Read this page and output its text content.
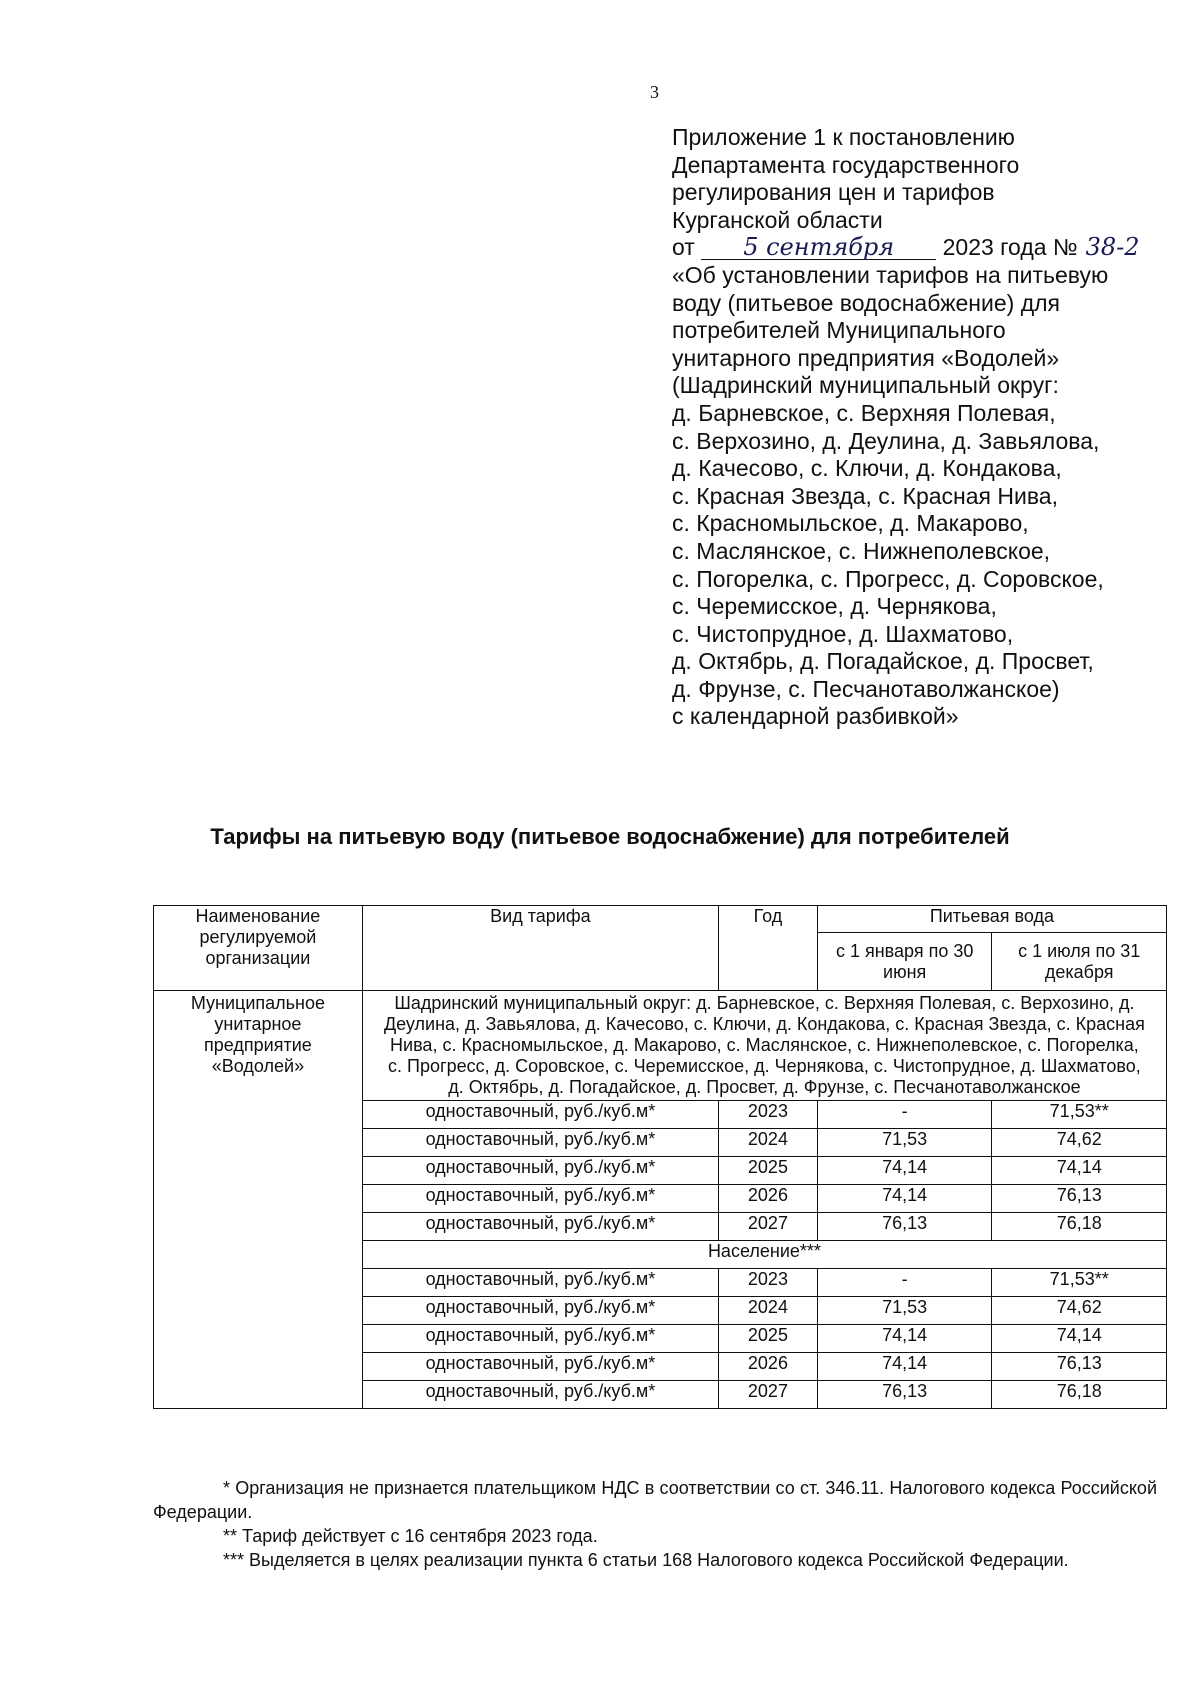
3
Приложение 1 к постановлению
Департамента государственного
регулирования цен и тарифов
Курганской области
от 5 сентября 2023 года № 38-2
«Об установлении тарифов на питьевую
воду (питьевое водоснабжение) для
потребителей Муниципального
унитарного предприятия «Водолей»
(Шадринский муниципальный округ:
д. Барневское, с. Верхняя Полевая,
с. Верхозино, д. Деулина, д. Завьялова,
д. Качесово, с. Ключи, д. Кондакова,
с. Красная Звезда, с. Красная Нива,
с. Красномыльское, д. Макарово,
с. Маслянское, с. Нижнеполевское,
с. Погорелка, с. Прогресс, д. Соровское,
с. Черемисское, д. Чернякова,
с. Чистопрудное, д. Шахматово,
д. Октябрь, д. Погадайское, д. Просвет,
д. Фрунзе, с. Песчанотаволжанское)
с календарной разбивкой»
Тарифы на питьевую воду (питьевое водоснабжение) для потребителей
Наименование регулируемой организации	Вид тарифа	Год	Питьевая вода	
			с 1 января по 30 июня	с 1 июля по 31 декабря
Муниципальное унитарное предприятие «Водолей»	Шадринский муниципальный округ: д. Барневское, с. Верхняя Полевая, с. Верхозино, д. Деулина, д. Завьялова, д. Качесово, с. Ключи, д. Кондакова, с. Красная Звезда, с. Красная Нива, с. Красномыльское, д. Макарово, с. Маслянское, с. Нижнеполевское, с. Погорелка, с. Прогресс, д. Соровское, с. Черемисское, д. Чернякова, с. Чистопрудное, д. Шахматово, д. Октябрь, д. Погадайское, д. Просвет, д. Фрунзе, с. Песчанотаволжанское			
	одноставочный, руб./куб.м*	2023	-	71,53**
	одноставочный, руб./куб.м*	2024	71,53	74,62
	одноставочный, руб./куб.м*	2025	74,14	74,14
	одноставочный, руб./куб.м*	2026	74,14	76,13
	одноставочный, руб./куб.м*	2027	76,13	76,18
	Население***			
	одноставочный, руб./куб.м*	2023	-	71,53**
	одноставочный, руб./куб.м*	2024	71,53	74,62
	одноставочный, руб./куб.м*	2025	74,14	74,14
	одноставочный, руб./куб.м*	2026	74,14	76,13
	одноставочный, руб./куб.м*	2027	76,13	76,18
* Организация не признается плательщиком НДС в соответствии со ст. 346.11. Налогового кодекса Российской Федерации.
** Тариф действует с 16 сентября 2023 года.
*** Выделяется в целях реализации пункта 6 статьи 168 Налогового кодекса Российской Федерации.
